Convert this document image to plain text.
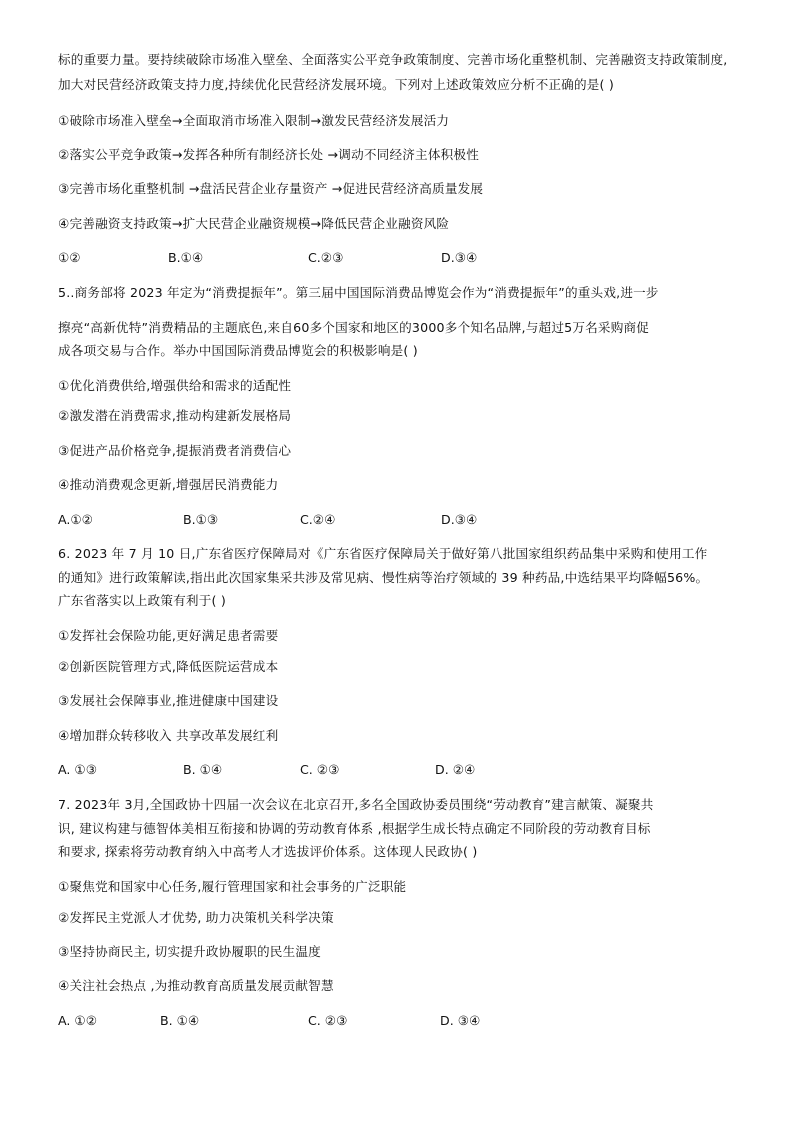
标的重要力量。要持续破除市场准入壁垒、全面落实公平竞争政策制度、完善市场化重整机制、完善融资支持政策制度,
加大对民营经济政策支持力度,持续优化民营经济发展环境。下列对上述政策效应分析不正确的是( )
①破除市场准入壁垒→全面取消市场准入限制→激发民营经济发展活力
②落实公平竞争政策→发挥各种所有制经济长处 →调动不同经济主体积极性
③完善市场化重整机制 →盘活民营企业存量资产 →促进民营经济高质量发展
④完善融资支持政策→扩大民营企业融资规模→降低民营企业融资风险
①②	B.①④	C.②③	D.③④
5..商务部将 2023 年定为“消费提振年”。第三届中国国际消费品博览会作为“消费提振年”的重头戏,进一步
擦亮“高新优特”消费精品的主题底色,来自60多个国家和地区的3000多个知名品牌,与超过5万名采购商促
成各项交易与合作。举办中国国际消费品博览会的积极影响是( )
①优化消费供给,增强供给和需求的适配性
②激发潜在消费需求,推动构建新发展格局
③促进产品价格竞争,提振消费者消费信心
④推动消费观念更新,增强居民消费能力
A.①②	B.①③	C.②④	D.③④
6. 2023 年 7 月 10 日,广东省医疗保障局对《广东省医疗保障局关于做好第八批国家组织药品集中采购和使用工作
的通知》进行政策解读,指出此次国家集采共涉及常见病、慢性病等治疗领域的 39 种药品,中选结果平均降幅56%。
广东省落实以上政策有利于( )
①发挥社会保险功能,更好满足患者需要
②创新医院管理方式,降低医院运营成本
③发展社会保障事业,推进健康中国建设
④增加群众转移收入 共享改革发展红利
A. ①③	B. ①④	C. ②③	D. ②④
7. 2023年 3月,全国政协十四届一次会议在北京召开,多名全国政协委员围绕“劳动教育”建言献策、凝聚共
识, 建议构建与德智体美相互衔接和协调的劳动教育体系 ,根据学生成长特点确定不同阶段的劳动教育目标
和要求, 探索将劳动教育纳入中高考人才选拔评价体系。这体现人民政协( )
①聚焦党和国家中心任务,履行管理国家和社会事务的广泛职能
②发挥民主党派人才优势, 助力决策机关科学决策
③坚持协商民主, 切实提升政协履职的民生温度
④关注社会热点 ,为推动教育高质量发展贡献智慧
A. ①②	B. ①④	C. ②③	D. ③④
